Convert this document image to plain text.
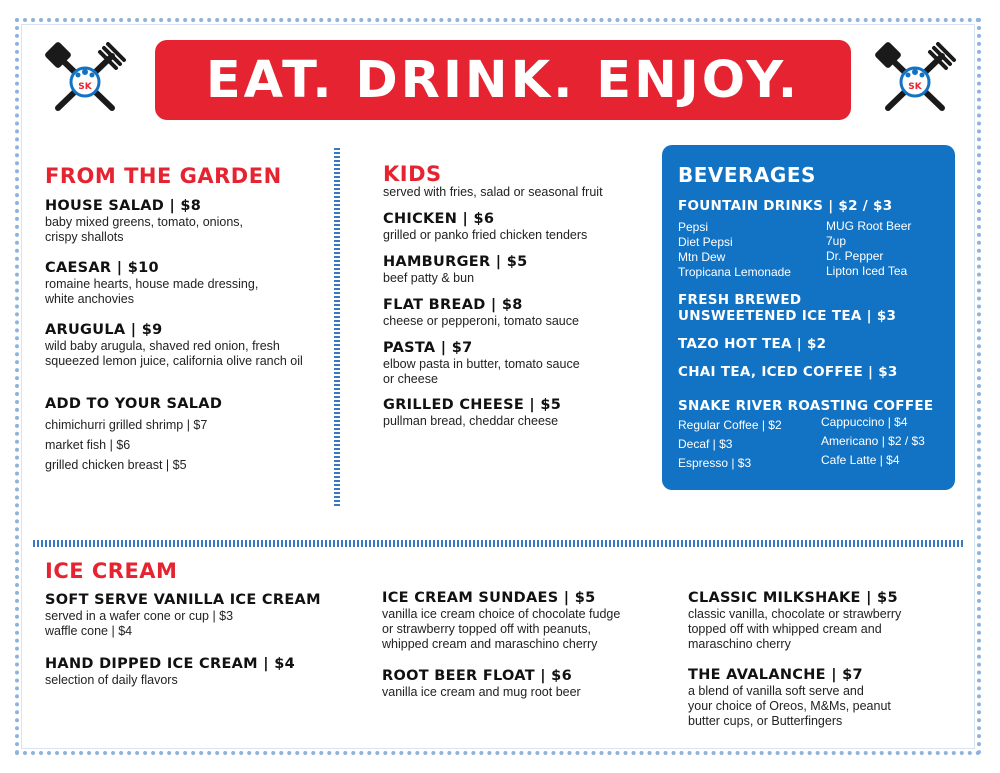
SK	SK
EAT. DRINK. ENJOY.
FROM THE GARDEN

HOUSE SALAD | $8

baby mixed greens, tomato, onions,
crispy shallots

CAESAR | $10

romaine hearts, house made dressing,
white anchovies

ARUGULA | $9

wild baby arugula, shaved red onion, fresh
squeezed lemon juice, california olive ranch oil

ADD TO YOUR SALAD

chimichurri grilled shrimp | $7
market fish | $6
grilled chicken breast | $5
KIDS
served with fries, salad or seasonal fruit

CHICKEN | $6

grilled or panko fried chicken tenders

HAMBURGER | $5

beef patty & bun

FLAT BREAD | $8

cheese or pepperoni, tomato sauce

PASTA | $7

elbow pasta in butter, tomato sauce
or cheese

GRILLED CHEESE | $5

pullman bread, cheddar cheese

BEVERAGES
FOUNTAIN DRINKS | $2 / $3
Pepsi
Diet Pepsi
Mtn Dew
Tropicana Lemonade
MUG Root Beer
7up
Dr. Pepper
Lipton Iced Tea
FRESH BREWED
UNSWEETENED ICE TEA | $3
TAZO HOT TEA | $2
CHAI TEA, ICED COFFEE | $3
SNAKE RIVER ROASTING COFFEE
Regular Coffee | $2
Decaf | $3
Espresso | $3
Cappuccino | $4
Americano | $2 / $3
Cafe Latte | $4
ICE CREAM

SOFT SERVE VANILLA ICE CREAM

served in a wafer cone or cup | $3
waffle cone | $4

HAND DIPPED ICE CREAM | $4

selection of daily flavors

ICE CREAM SUNDAES | $5

vanilla ice cream choice of chocolate fudge
or strawberry topped off with peanuts,
whipped cream and maraschino cherry

ROOT BEER FLOAT | $6

vanilla ice cream and mug root beer

CLASSIC MILKSHAKE | $5

classic vanilla, chocolate or strawberry
topped off with whipped cream and
maraschino cherry

THE AVALANCHE | $7

a blend of vanilla soft serve and
your choice of Oreos, M&Ms, peanut
butter cups, or Butterfingers
